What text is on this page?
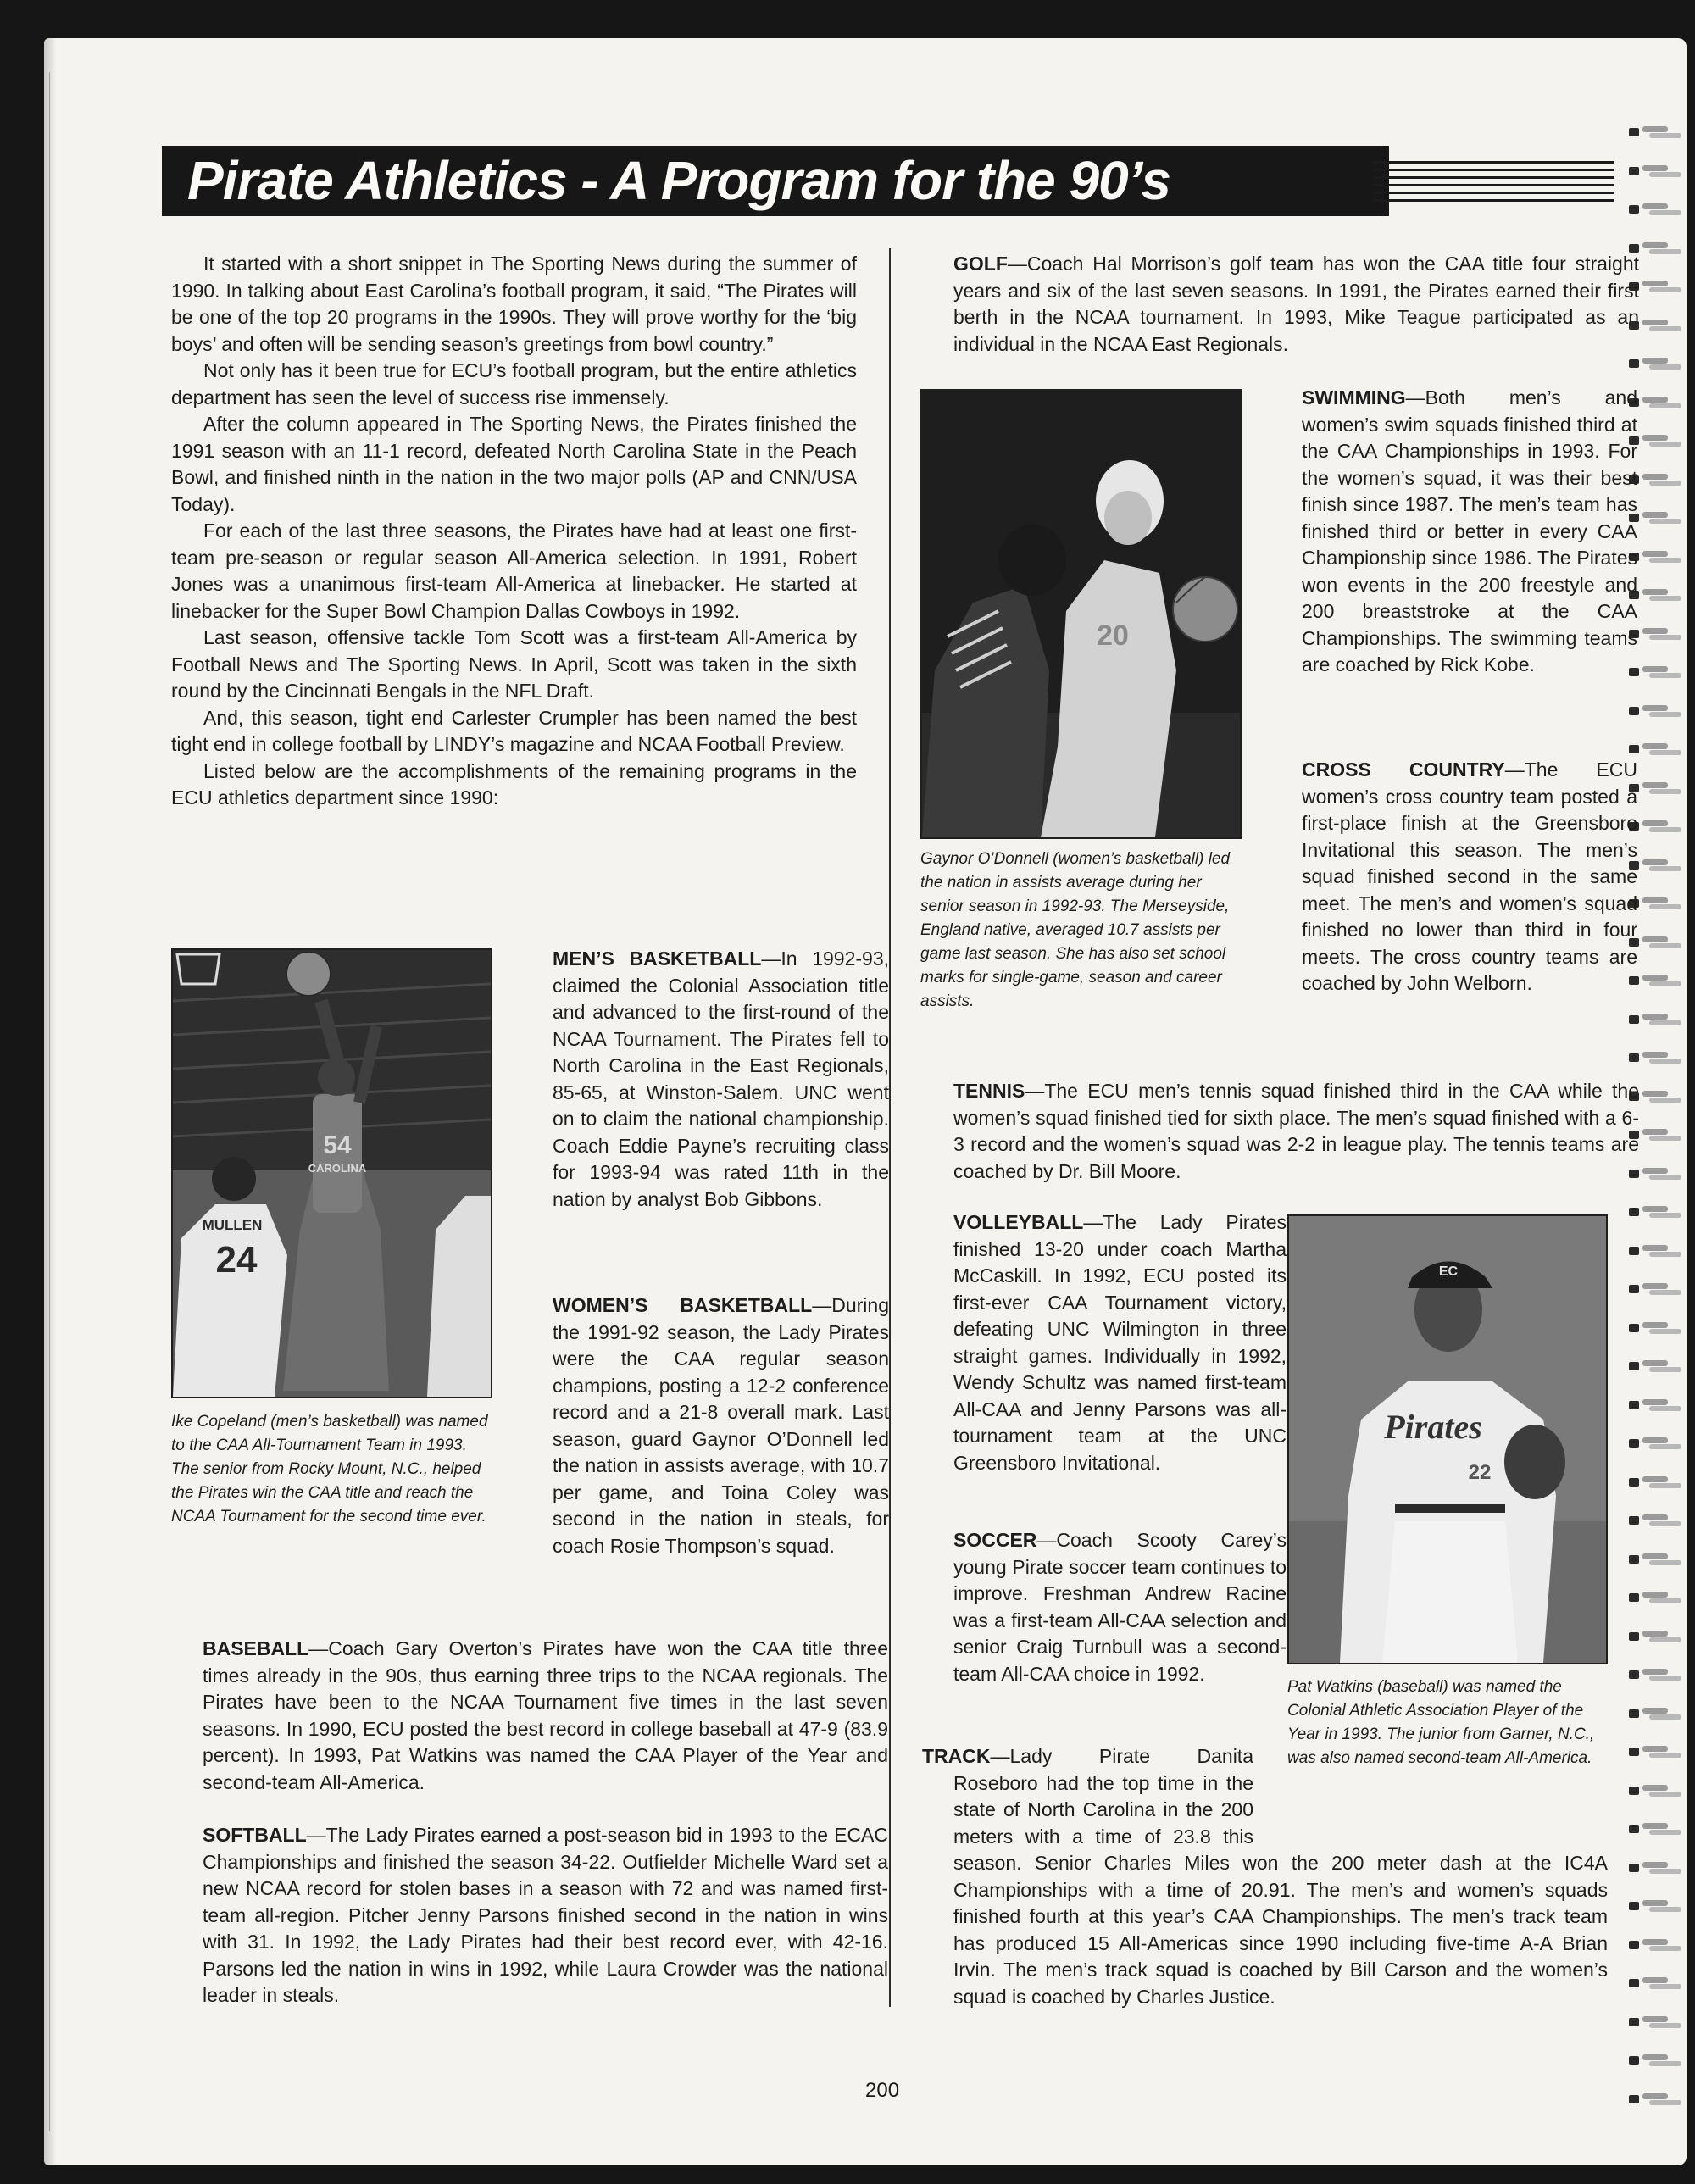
Pirate Athletics - A Program for the 90’s

It started with a short snippet in The Sporting News during the summer of 1990. In talking about East Carolina’s football program, it said, “The Pirates will be one of the top 20 programs in the 1990s. They will prove worthy for the ‘big boys’ and often will be sending season’s greetings from bowl country.”

Not only has it been true for ECU’s football program, but the entire athletics department has seen the level of success rise immensely.

After the column appeared in The Sporting News, the Pirates finished the 1991 season with an 11-1 record, defeated North Carolina State in the Peach Bowl, and finished ninth in the nation in the two major polls (AP and CNN/USA Today).

For each of the last three seasons, the Pirates have had at least one first-team pre-season or regular season All-America selection. In 1991, Robert Jones was a unanimous first-team All-America at linebacker. He started at linebacker for the Super Bowl Champion Dallas Cowboys in 1992.

Last season, offensive tackle Tom Scott was a first-team All-America by Football News and The Sporting News. In April, Scott was taken in the sixth round by the Cincinnati Bengals in the NFL Draft.

And, this season, tight end Carlester Crumpler has been named the best tight end in college football by LINDY’s magazine and NCAA Football Preview.

Listed below are the accomplishments of the remaining programs in the ECU athletics department since 1990:

54
CAROLINA
24
MULLEN
Ike Copeland (men’s basketball) was named to the CAA All-Tournament Team in 1993. The senior from Rocky Mount, N.C., helped the Pirates win the CAA title and reach the NCAA Tournament for the second time ever.

MEN’S BASKETBALL—In 1992-93, claimed the Colonial Association title and advanced to the first-round of the NCAA Tournament. The Pirates fell to North Carolina in the East Regionals, 85-65, at Winston-Salem. UNC went on to claim the national championship. Coach Eddie Payne’s recruiting class for 1993-94 was rated 11th in the nation by analyst Bob Gibbons.

WOMEN’S BASKETBALL—During the 1991-92 season, the Lady Pirates were the CAA regular season champions, posting a 12-2 conference record and a 21-8 overall mark. Last season, guard Gaynor O’Donnell led the nation in assists average, with 10.7 per game, and Toina Coley was second in the nation in steals, for coach Rosie Thompson’s squad.

BASEBALL—Coach Gary Overton’s Pirates have won the CAA title three times already in the 90s, thus earning three trips to the NCAA regionals. The Pirates have been to the NCAA Tournament five times in the last seven seasons. In 1990, ECU posted the best record in college baseball at 47-9 (83.9 percent). In 1993, Pat Watkins was named the CAA Player of the Year and second-team All-America.

SOFTBALL—The Lady Pirates earned a post-season bid in 1993 to the ECAC Championships and finished the season 34-22. Outfielder Michelle Ward set a new NCAA record for stolen bases in a season with 72 and was named first-team all-region. Pitcher Jenny Parsons finished second in the nation in wins with 31. In 1992, the Lady Pirates had their best record ever, with 42-16. Parsons led the nation in wins in 1992, while Laura Crowder was the national leader in steals.

GOLF—Coach Hal Morrison’s golf team has won the CAA title four straight years and six of the last seven seasons. In 1991, the Pirates earned their first berth in the NCAA tournament. In 1993, Mike Teague participated as an individual in the NCAA East Regionals.

20
Gaynor O’Donnell (women’s basketball) led the nation in assists average during her senior season in 1992-93. The Merseyside, England native, averaged 10.7 assists per game last season. She has also set school marks for single-game, season and career assists.

SWIMMING—Both men’s and women’s swim squads finished third at the CAA Championships in 1993. For the women’s squad, it was their best finish since 1987. The men’s team has finished third or better in every CAA Championship since 1986. The Pirates won events in the 200 freestyle and 200 breaststroke at the CAA Championships. The swimming teams are coached by Rick Kobe.

CROSS COUNTRY—The ECU women’s cross country team posted a first-place finish at the Greensboro Invitational this season. The men’s squad finished second in the same meet. The men’s and women’s squad finished no lower than third in four meets. The cross country teams are coached by John Welborn.

TENNIS—The ECU men’s tennis squad finished third in the CAA while the women’s squad finished tied for sixth place. The men’s squad finished with a 6-3 record and the women’s squad was 2-2 in league play. The tennis teams are coached by Dr. Bill Moore.

VOLLEYBALL—The Lady Pirates finished 13-20 under coach Martha McCaskill. In 1992, ECU posted its first-ever CAA Tournament victory, defeating UNC Wilmington in three straight games. Individually in 1992, Wendy Schultz was named first-team All-CAA and Jenny Parsons was all-tournament team at the UNC Greensboro Invitational.

SOCCER—Coach Scooty Carey’s young Pirate soccer team continues to improve. Freshman Andrew Racine was a first-team All-CAA selection and senior Craig Turnbull was a second-team All-CAA choice in 1992.

EC
Pirates
22
Pat Watkins (baseball) was named the Colonial Athletic Association Player of the Year in 1993. The junior from Garner, N.C., was also named second-team All-America.

TRACK—Lady Pirate Danita Roseboro had the top time in the state of North Carolina in the 200 meters with a time of 23.8 this season. Senior Charles Miles won the 200 meter dash at the IC4A Championships with a time of 20.91. The men’s and women’s squads finished fourth at this year’s CAA Championships. The men’s track team has produced 15 All-Americas since 1990 including five-time A-A Brian Irvin. The men’s track squad is coached by Bill Carson and the women’s squad is coached by Charles Justice.

200
